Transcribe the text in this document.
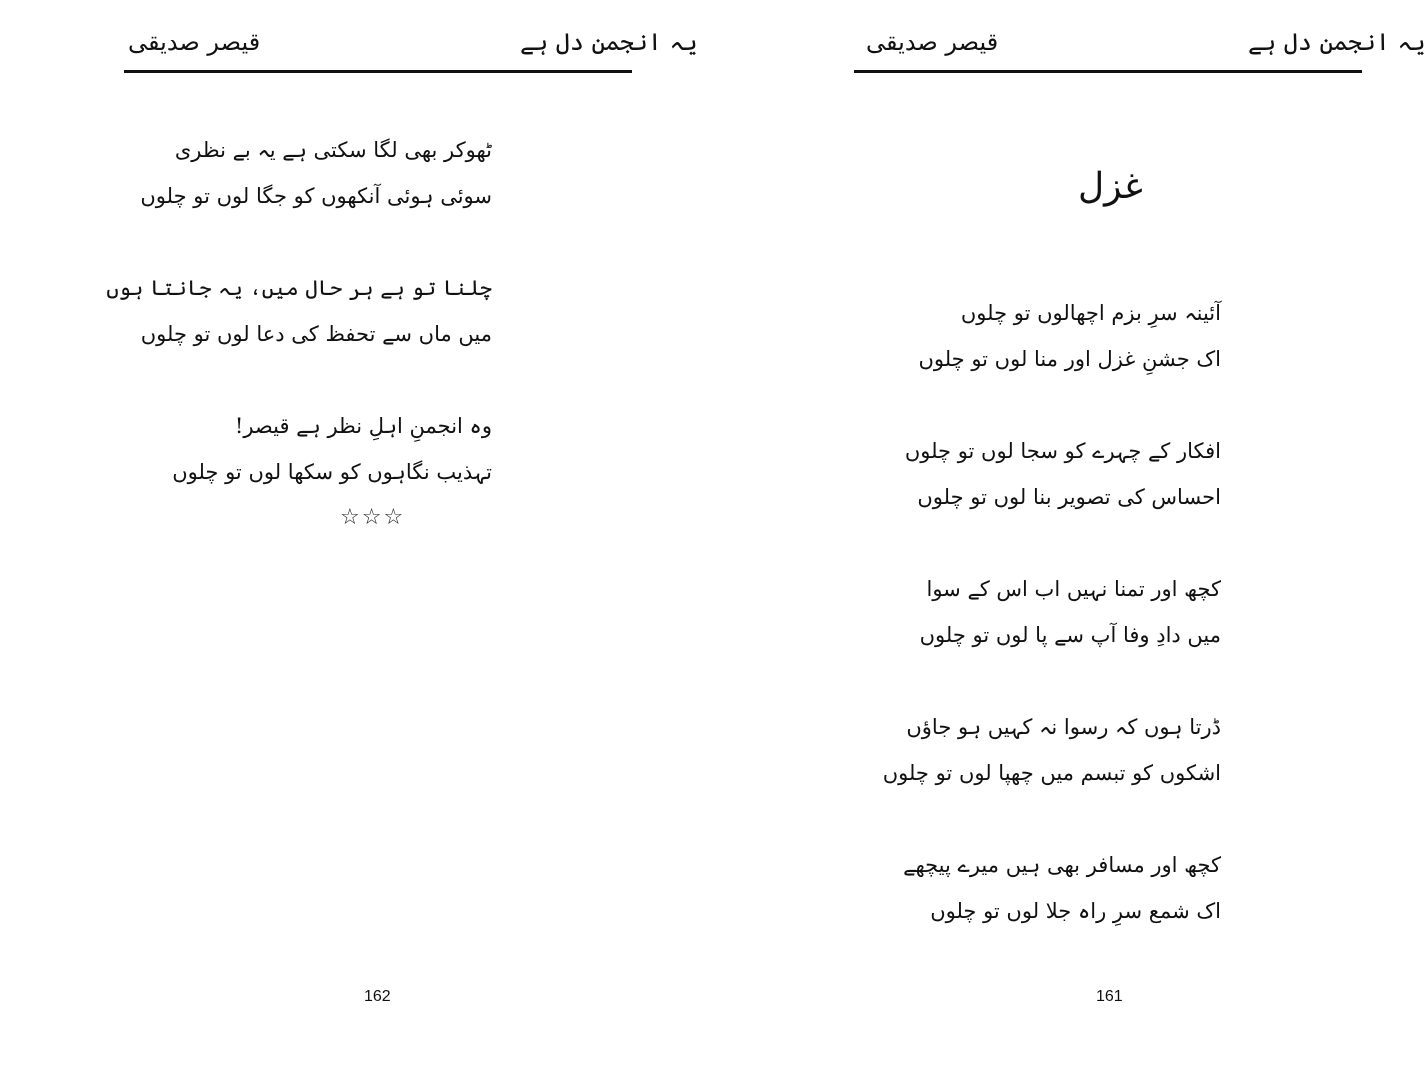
قیصر صدیقی	یہ انجمن دل ہے
ٹھوکر بھی لگا سکتی ہے یہ بے نظری
سوئی ہوئی آنکھوں کو جگا لوں تو چلوں
چلنا تو ہے ہر حال میں، یہ جانتا ہوں
میں ماں سے تحفظ کی دعا لوں تو چلوں
وہ انجمنِ اہلِ نظر ہے قیصر!
تہذیب نگاہوں کو سکھا لوں تو چلوں
☆☆☆
162
قیصر صدیقی	یہ انجمن دل ہے
غزل
آئینہ سرِ بزم اچھالوں تو چلوں
اک جشنِ غزل اور منا لوں تو چلوں
افکار کے چہرے کو سجا لوں تو چلوں
احساس کی تصویر بنا لوں تو چلوں
کچھ اور تمنا نہیں اب اس کے سوا
میں دادِ وفا آپ سے پا لوں تو چلوں
ڈرتا ہوں کہ رسوا نہ کہیں ہو جاؤں
اشکوں کو تبسم میں چھپا لوں تو چلوں
کچھ اور مسافر بھی ہیں میرے پیچھے
اک شمع سرِ راہ جلا لوں تو چلوں
161
